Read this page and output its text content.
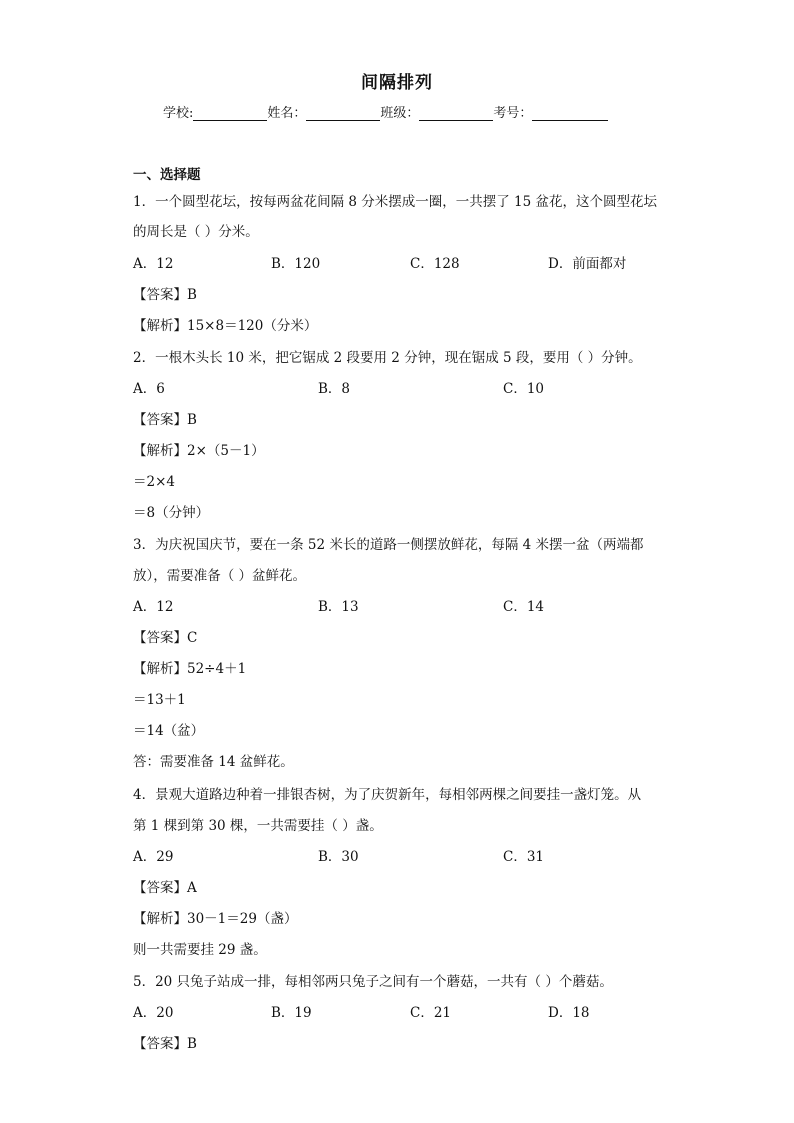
间隔排列
学校:	姓名：	班级：	考号：
一、选择题
1．一个圆型花坛，按每两盆花间隔 8 分米摆成一圈，一共摆了 15 盆花，这个圆型花坛
的周长是（ ）分米。
A．12	B．120	C．128	D．前面都对
【答案】B
【解析】15×8＝120（分米）
2．一根木头长 10 米，把它锯成 2 段要用 2 分钟，现在锯成 5 段，要用（ ）分钟。
A．6	B．8	C．10
【答案】B
【解析】2×（5－1）
＝2×4
＝8（分钟）
3．为庆祝国庆节，要在一条 52 米长的道路一侧摆放鲜花，每隔 4 米摆一盆（两端都
放），需要准备（ ）盆鲜花。
A．12	B．13	C．14
【答案】C
【解析】52÷4＋1
＝13＋1
＝14（盆）
答：需要准备 14 盆鲜花。
4．景观大道路边种着一排银杏树，为了庆贺新年，每相邻两棵之间要挂一盏灯笼。从
第 1 棵到第 30 棵，一共需要挂（ ）盏。
A．29	B．30	C．31
【答案】A
【解析】30－1＝29（盏）
则一共需要挂 29 盏。
5．20 只兔子站成一排，每相邻两只兔子之间有一个蘑菇，一共有（ ）个蘑菇。
A．20	B．19	C．21	D．18
【答案】B
